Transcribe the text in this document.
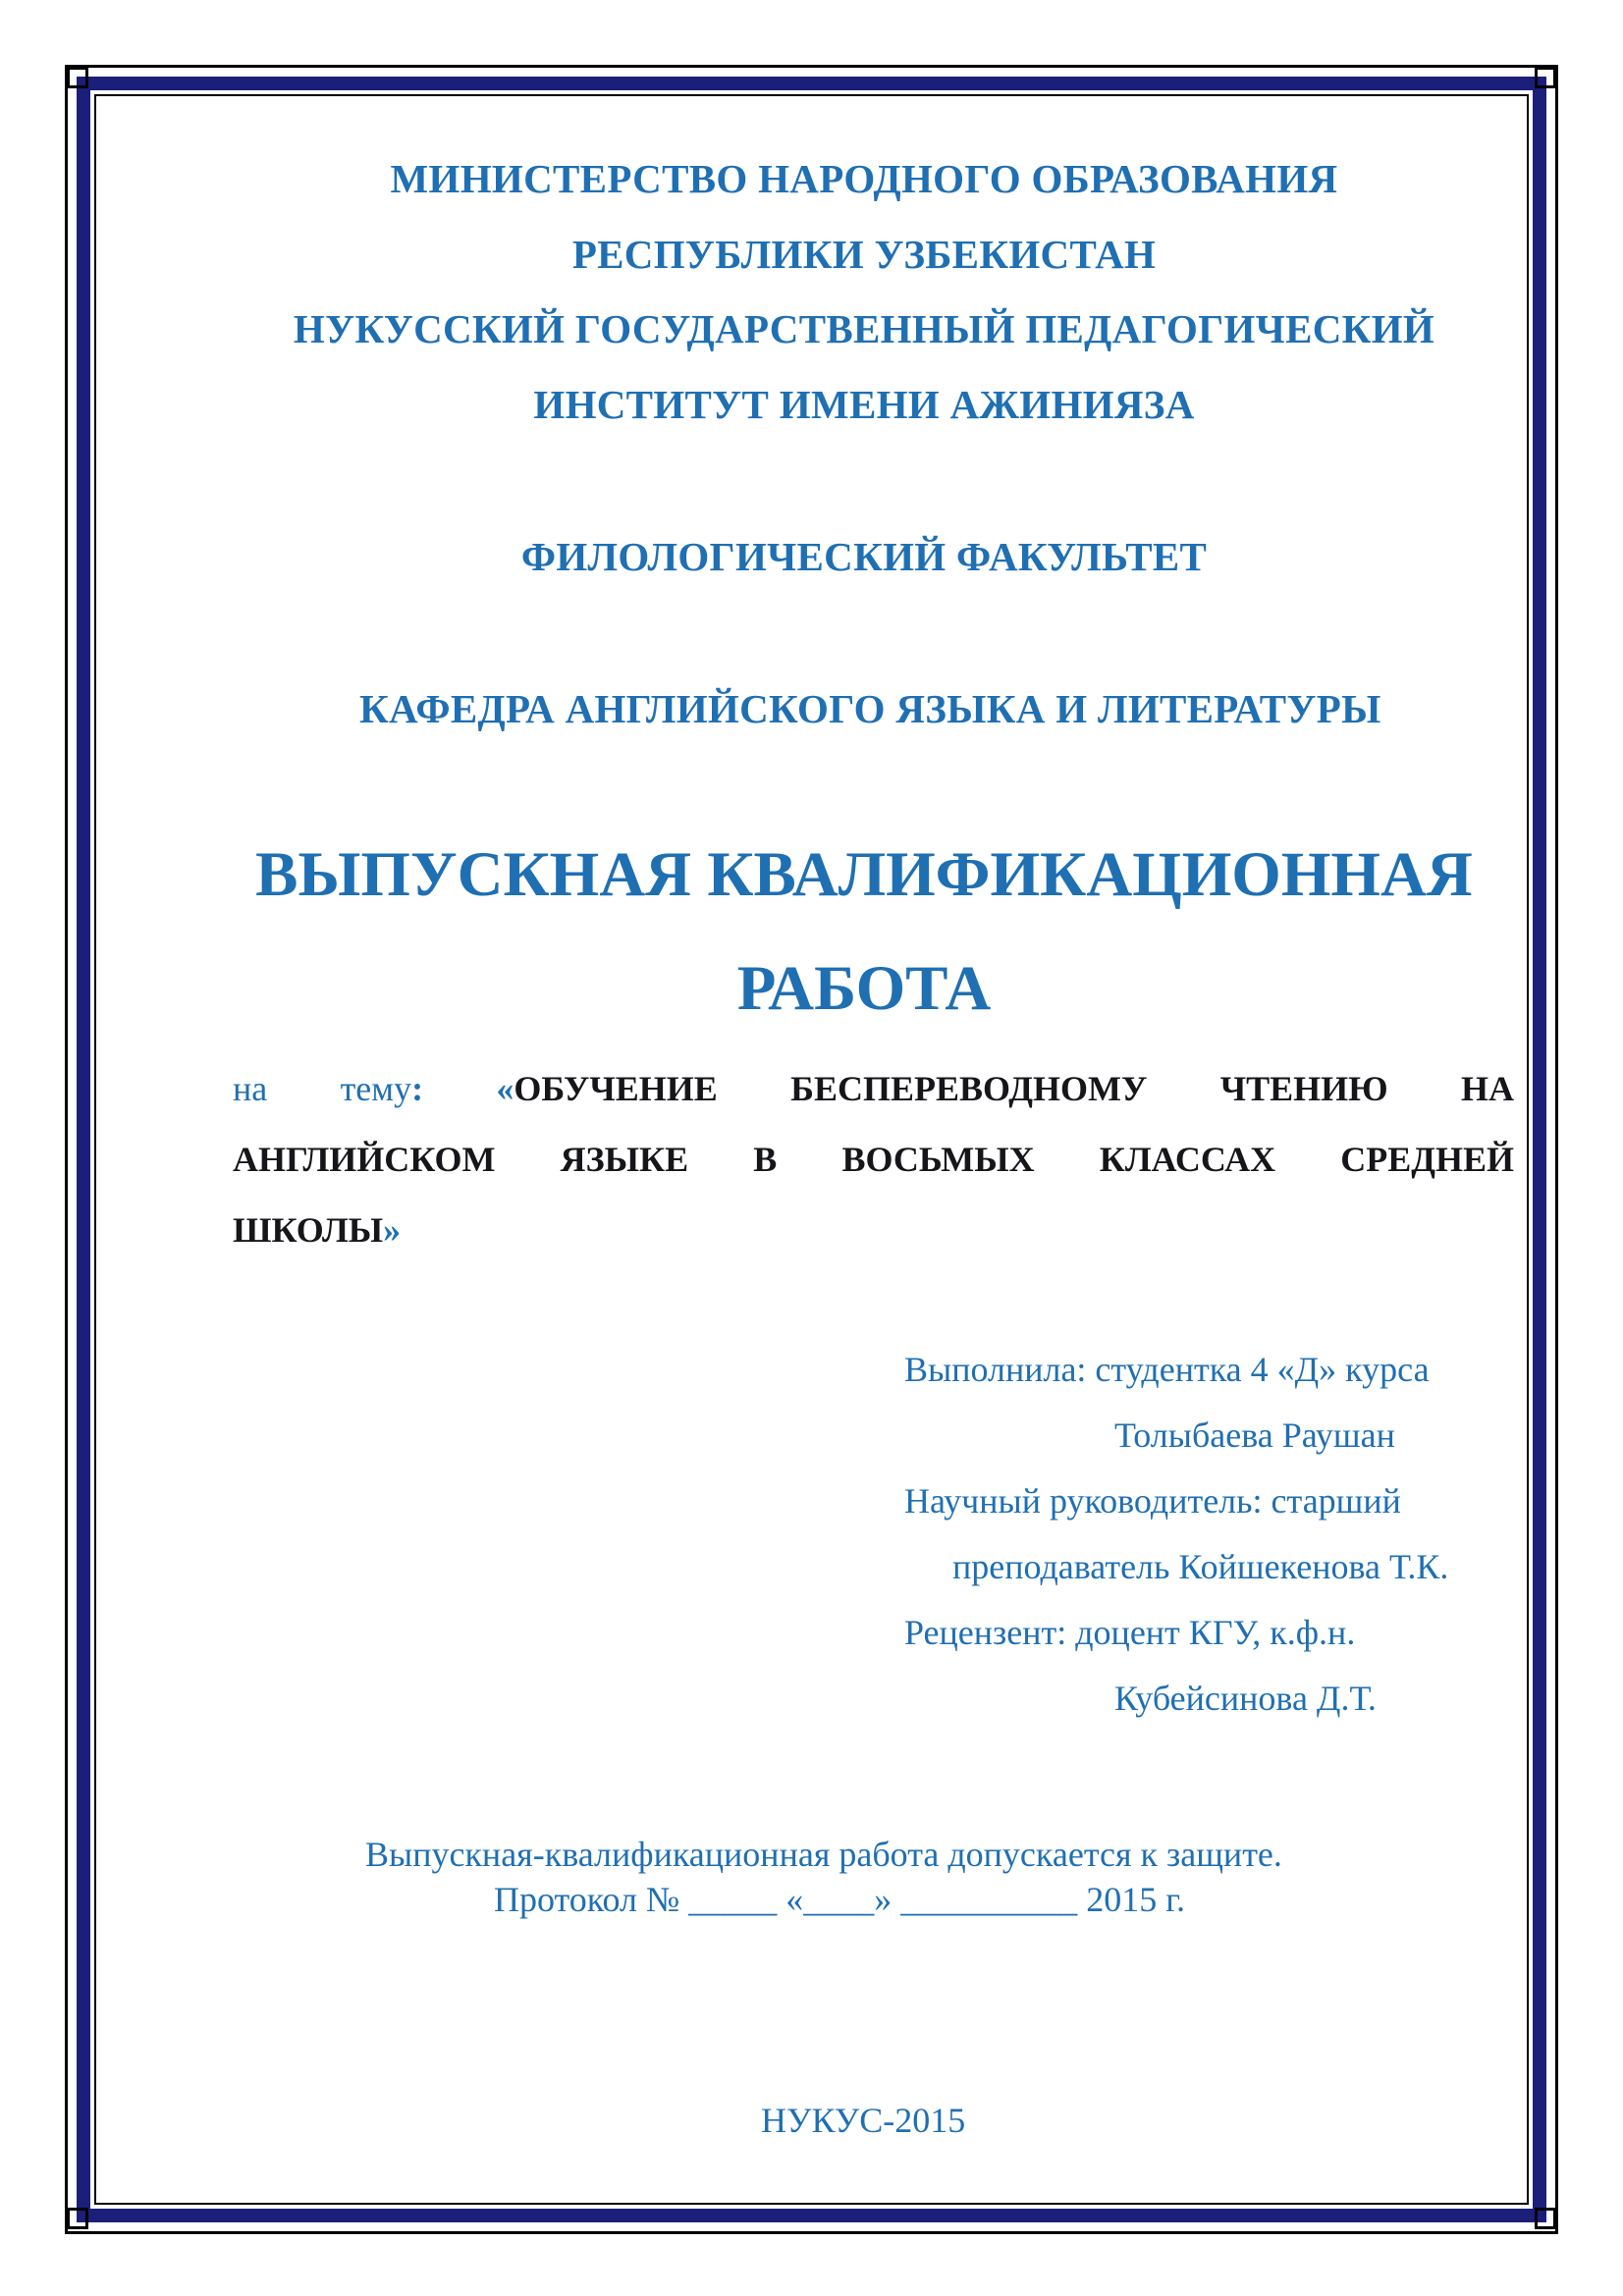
МИНИСТЕРСТВО НАРОДНОГО ОБРАЗОВАНИЯ

РЕСПУБЛИКИ УЗБЕКИСТАН

НУКУССКИЙ ГОСУДАРСТВЕННЫЙ ПЕДАГОГИЧЕСКИЙ

ИНСТИТУТ ИМЕНИ АЖИНИЯЗА

ФИЛОЛОГИЧЕСКИЙ ФАКУЛЬТЕТ

КАФЕДРА АНГЛИЙСКОГО ЯЗЫКА И ЛИТЕРАТУРЫ

ВЫПУСКНАЯ КВАЛИФИКАЦИОННАЯ

РАБОТА

на тему: «ОБУЧЕНИЕ БЕСПЕРЕВОДНОМУ ЧТЕНИЮ НА

АНГЛИЙСКОМ ЯЗЫКЕ В ВОСЬМЫХ КЛАССАХ СРЕДНЕЙ

ШКОЛЫ»

Выполнила: студентка 4 «Д» курса

Толыбаева Раушан

Научный руководитель: старший

преподаватель Койшекенова Т.К.

Рецензент: доцент КГУ, к.ф.н.

Кубейсинова Д.Т.

Выпускная-квалификационная работа допускается к защите.

Протокол № _____ «____» __________ 2015 г.

НУКУС-2015
